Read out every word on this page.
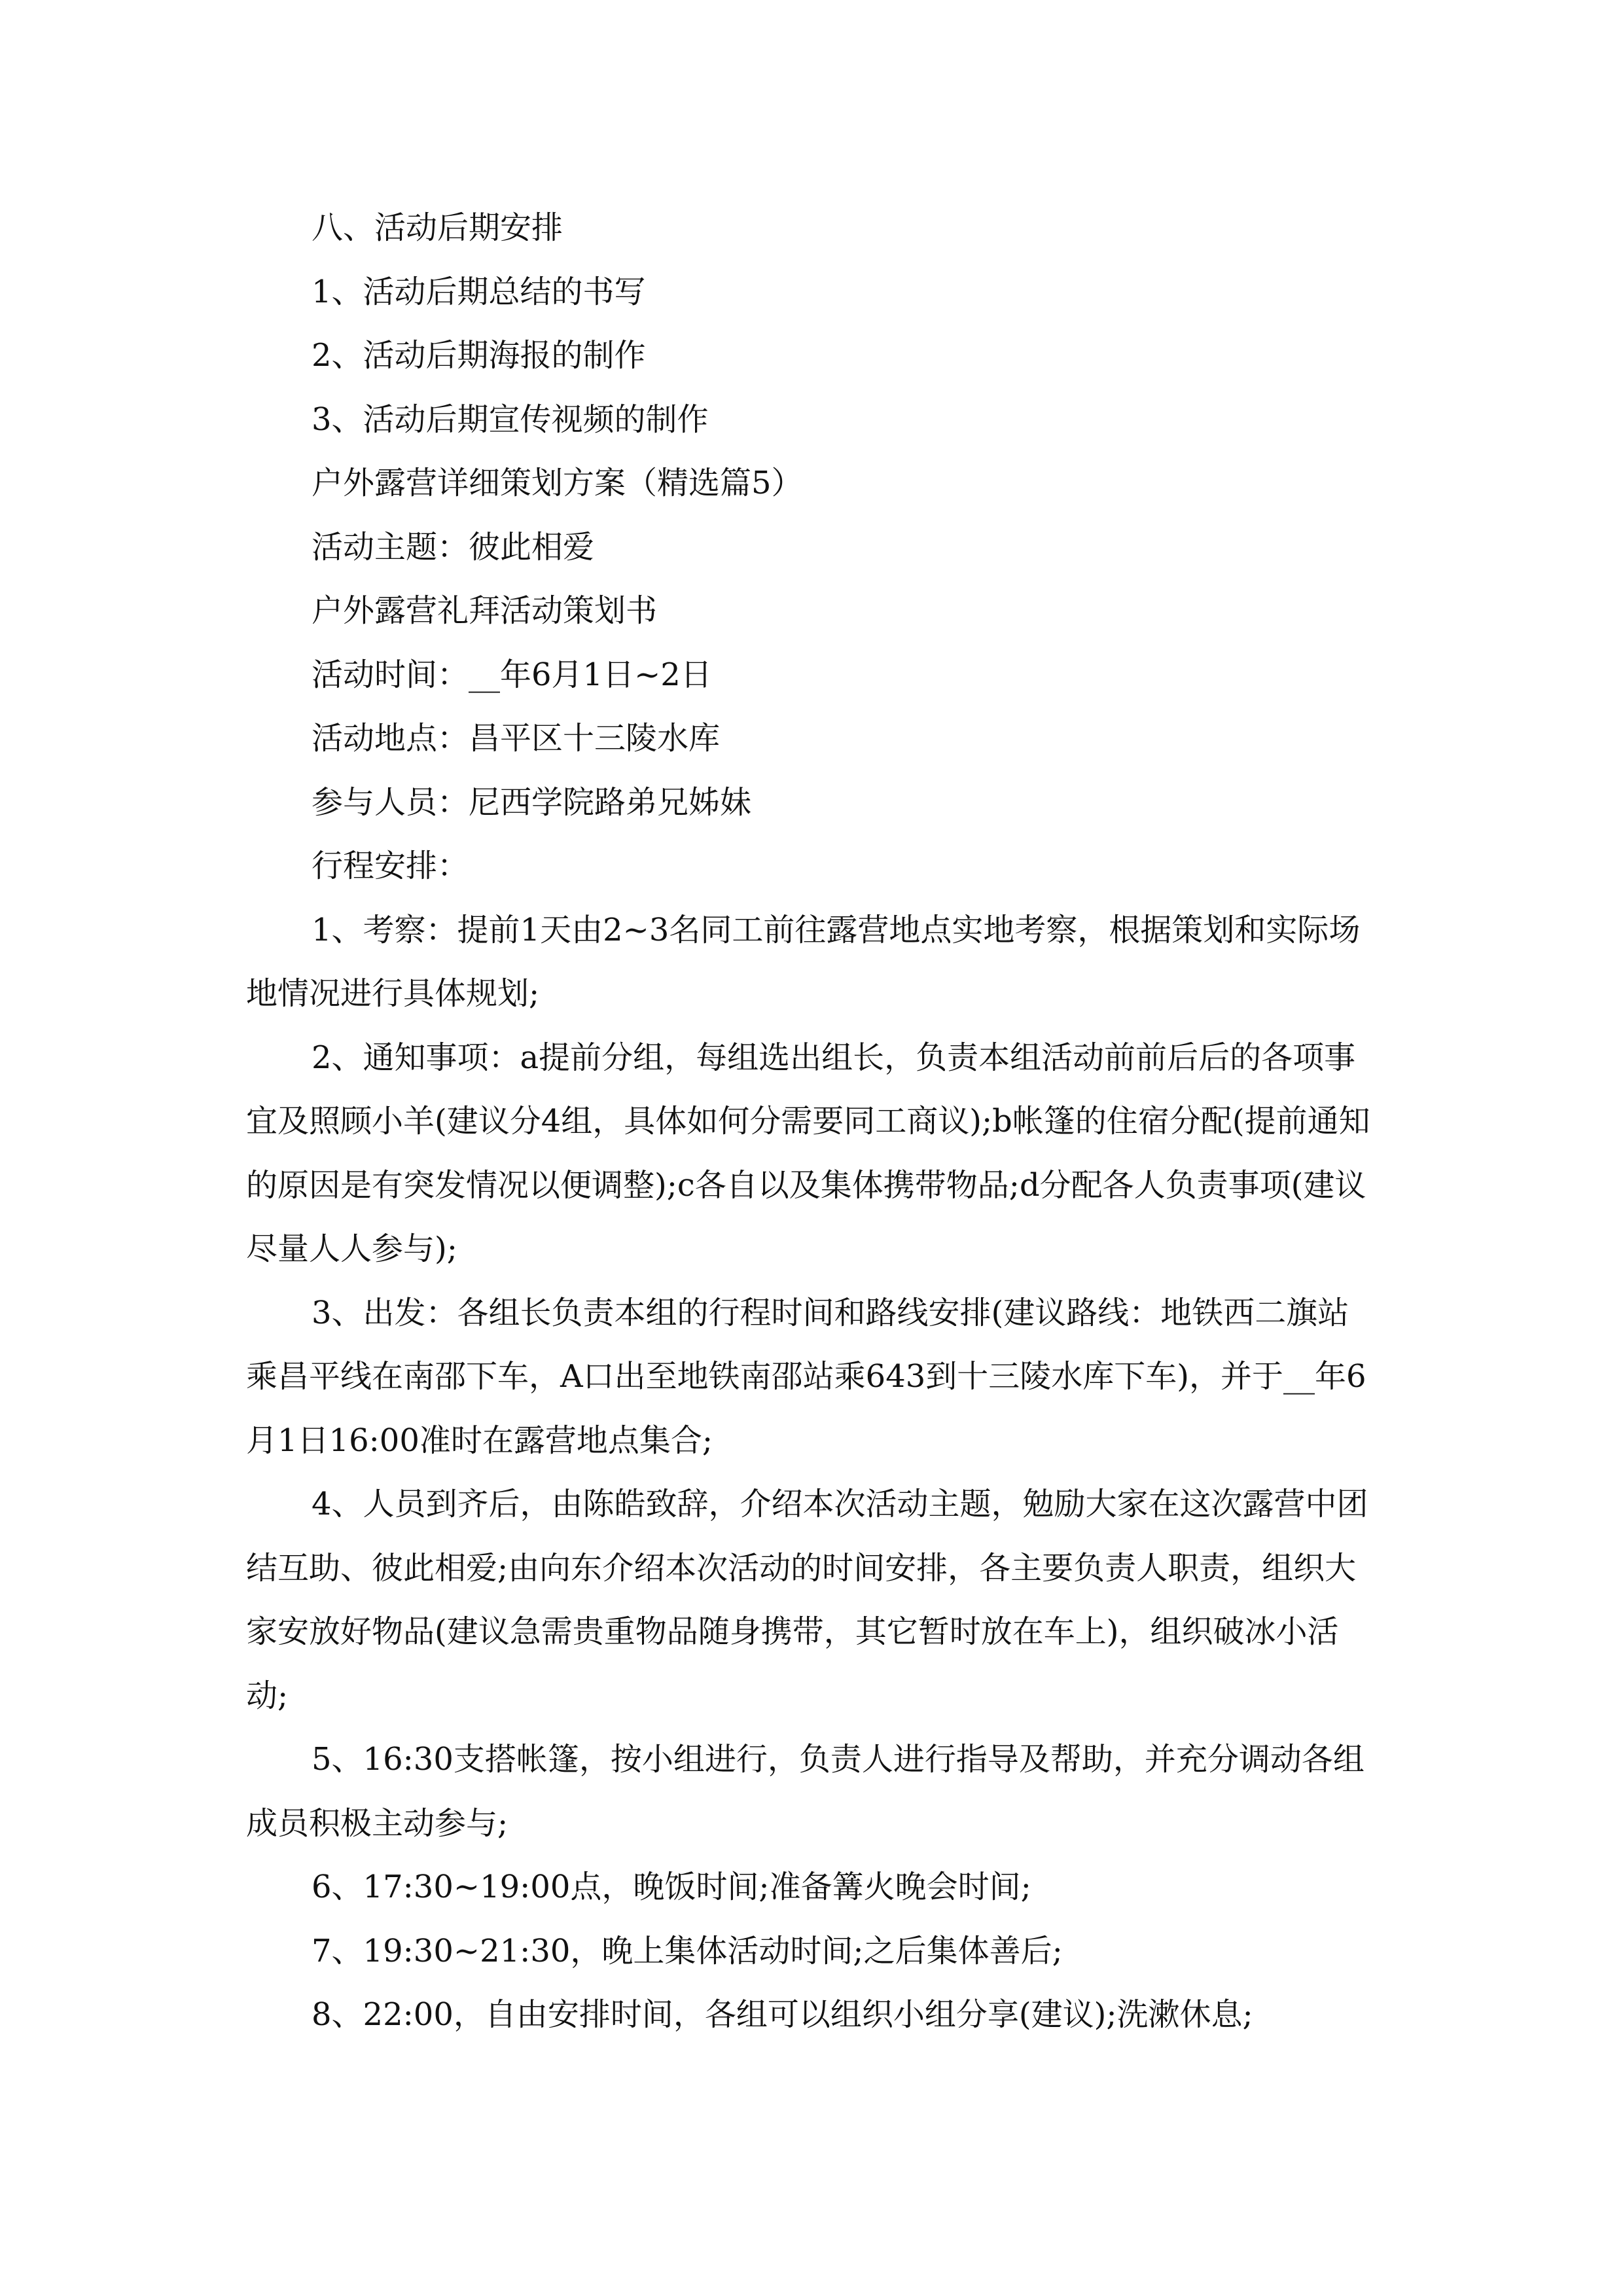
八、活动后期安排

1、活动后期总结的书写

2、活动后期海报的制作

3、活动后期宣传视频的制作

户外露营详细策划方案（精选篇5）

活动主题：彼此相爱

户外露营礼拜活动策划书

活动时间：__年6月1日~2日

活动地点：昌平区十三陵水库

参与人员：尼西学院路弟兄姊妹

行程安排：

1、考察：提前1天由2~3名同工前往露营地点实地考察，根据策划和实际场地情况进行具体规划;

2、通知事项：a提前分组，每组选出组长，负责本组活动前前后后的各项事宜及照顾小羊(建议分4组，具体如何分需要同工商议);b帐篷的住宿分配(提前通知的原因是有突发情况以便调整);c各自以及集体携带物品;d分配各人负责事项(建议尽量人人参与);

3、出发：各组长负责本组的行程时间和路线安排(建议路线：地铁西二旗站乘昌平线在南邵下车，A口出至地铁南邵站乘643到十三陵水库下车)，并于__年6月1日16:00准时在露营地点集合;

4、人员到齐后，由陈皓致辞，介绍本次活动主题，勉励大家在这次露营中团结互助、彼此相爱;由向东介绍本次活动的时间安排，各主要负责人职责，组织大家安放好物品(建议急需贵重物品随身携带，其它暂时放在车上)，组织破冰小活动;

5、16:30支搭帐篷，按小组进行，负责人进行指导及帮助，并充分调动各组成员积极主动参与;

6、17:30~19:00点，晚饭时间;准备篝火晚会时间;

7、19:30~21:30，晚上集体活动时间;之后集体善后;

8、22:00，自由安排时间，各组可以组织小组分享(建议);洗漱休息;
